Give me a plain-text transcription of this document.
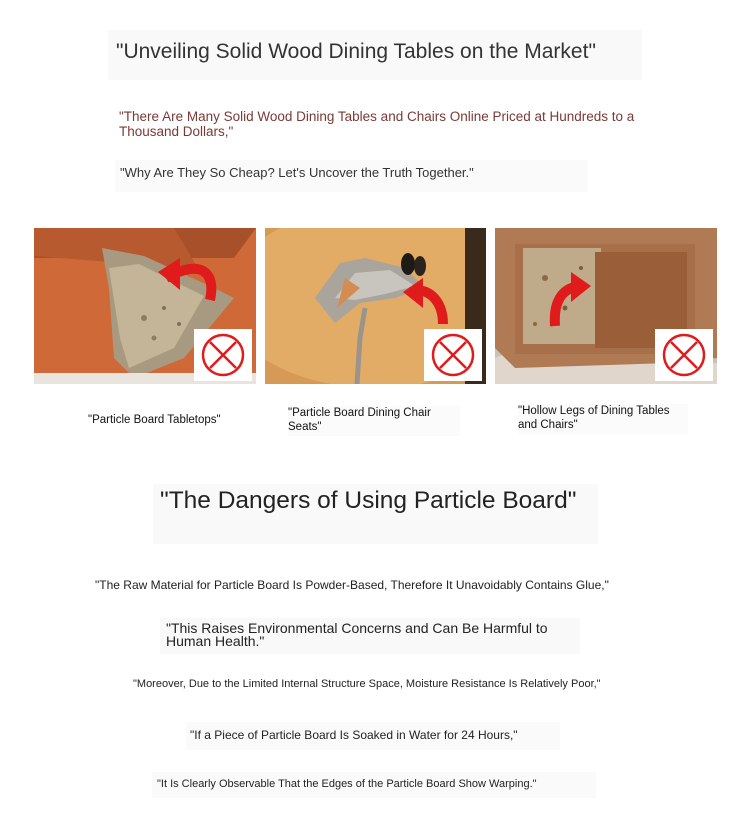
"Unveiling Solid Wood Dining Tables on the Market"
"There Are Many Solid Wood Dining Tables and Chairs Online Priced at Hundreds to a Thousand Dollars,"
"Why Are They So Cheap? Let's Uncover the Truth Together."
"Particle Board Tabletops"
"Particle Board Dining Chair Seats"
"Hollow Legs of Dining Tables and Chairs"
"The Dangers of Using Particle Board"
"The Raw Material for Particle Board Is Powder-Based, Therefore It Unavoidably Contains Glue,"
"This Raises Environmental Concerns and Can Be Harmful to Human Health."
"Moreover, Due to the Limited Internal Structure Space, Moisture Resistance Is Relatively Poor,"
"If a Piece of Particle Board Is Soaked in Water for 24 Hours,"
"It Is Clearly Observable That the Edges of the Particle Board Show Warping."
